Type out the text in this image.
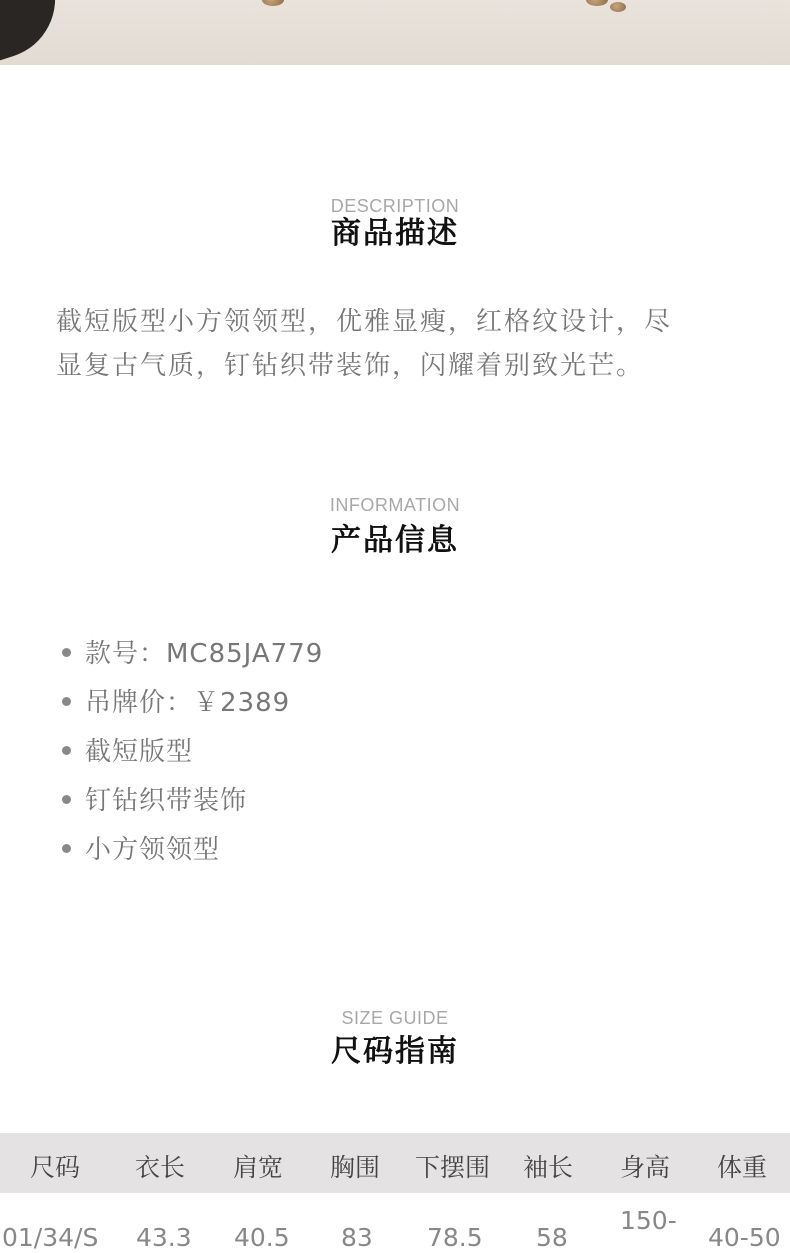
DESCRIPTION
商品描述
截短版型小方领领型，优雅显瘦，红格纹设计，尽
显复古气质，钉钻织带装饰，闪耀着别致光芒。
INFORMATION
产品信息
款号：MC85JA779
吊牌价：￥2389
截短版型
钉钻织带装饰
小方领领型
SIZE GUIDE
尺码指南
尺码 衣长 肩宽 胸围 下摆围 袖长 身高 体重
01/34/S 43.3 40.5 83 78.5 58
150-
40-50
